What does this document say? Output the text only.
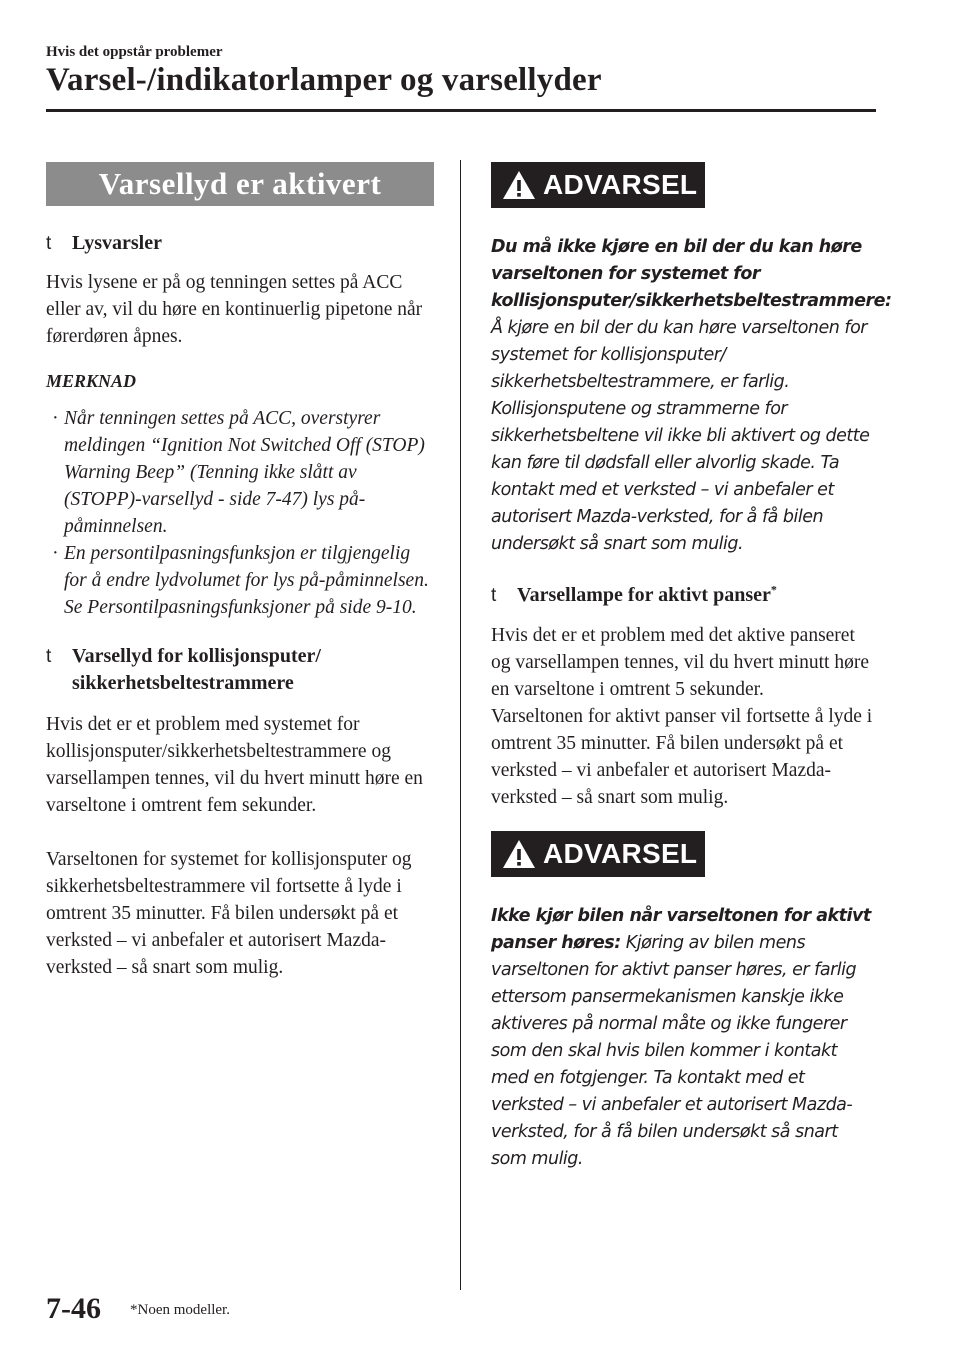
Hvis det oppstår problemer
Varsel-/indikatorlamper og varsellyder
Varsellyd er aktivert
t	Lysvarsler
Hvis lysene er på og tenningen settes på ACC eller av, vil du høre en kontinuerlig pipetone når førerdøren åpnes.
MERKNAD
· Når tenningen settes på ACC, overstyrer meldingen “Ignition Not Switched Off (STOP) Warning Beep” (Tenning ikke slått av (STOPP)-varsellyd - side 7-47) lys på-påminnelsen.
· En persontilpasningsfunksjon er tilgjengelig for å endre lydvolumet for lys på-påminnelsen. Se Persontilpasningsfunksjoner på side 9-10.
t	Varsellyd for kollisjonsputer/
sikkerhetsbeltestrammere
Hvis det er et problem med systemet for kollisjonsputer/sikkerhetsbeltestrammere og varsellampen tennes, vil du hvert minutt høre en varseltone i omtrent fem sekunder.
Varseltonen for systemet for kollisjonsputer og sikkerhetsbeltestrammere vil fortsette å lyde i omtrent 35 minutter. Få bilen undersøkt på et verksted – vi anbefaler et autorisert Mazda-verksted – så snart som mulig.
ADVARSEL
Du må ikke kjøre en bil der du kan høre varseltonen for systemet for kollisjonsputer/sikkerhetsbeltestrammere: Å kjøre en bil der du kan høre varseltonen for systemet for kollisjonsputer/ sikkerhetsbeltestrammere, er farlig. Kollisjonsputene og strammerne for sikkerhetsbeltene vil ikke bli aktivert og dette kan føre til dødsfall eller alvorlig skade. Ta kontakt med et verksted – vi anbefaler et autorisert Mazda-verksted, for å få bilen undersøkt så snart som mulig.
t	Varsellampe for aktivt panser*
Hvis det er et problem med det aktive panseret og varsellampen tennes, vil du hvert minutt høre en varseltone i omtrent 5 sekunder.
Varseltonen for aktivt panser vil fortsette å lyde i omtrent 35 minutter. Få bilen undersøkt på et verksted – vi anbefaler et autorisert Mazda-verksted – så snart som mulig.
ADVARSEL
Ikke kjør bilen når varseltonen for aktivt panser høres: Kjøring av bilen mens varseltonen for aktivt panser høres, er farlig ettersom pansermekanismen kanskje ikke aktiveres på normal måte og ikke fungerer som den skal hvis bilen kommer i kontakt med en fotgjenger. Ta kontakt med et verksted – vi anbefaler et autorisert Mazda-verksted, for å få bilen undersøkt så snart som mulig.
7-46 *Noen modeller.
